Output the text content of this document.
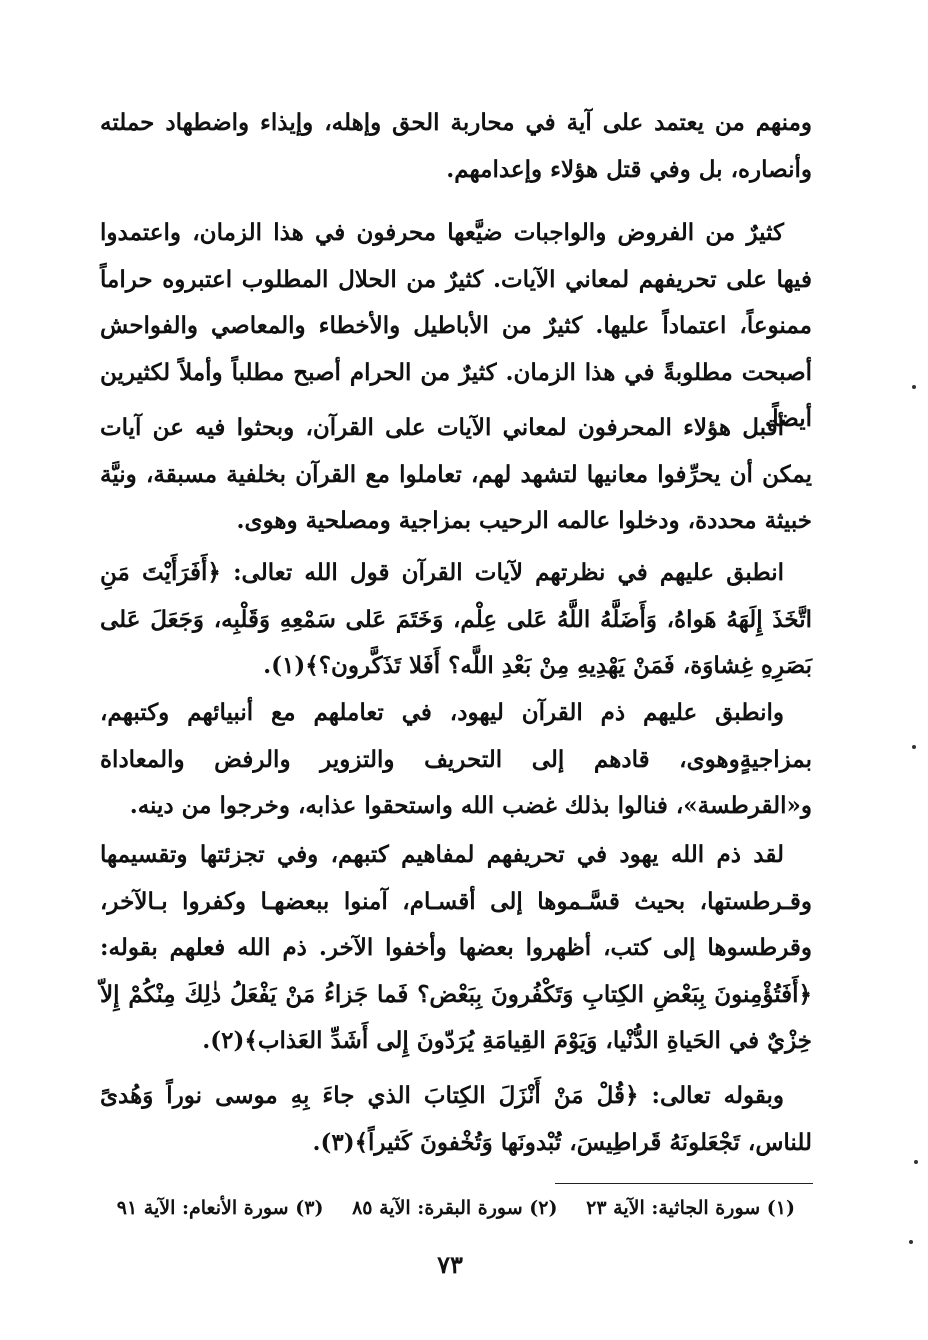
ومنهم من يعتمد على آية في محاربة الحق وإهله، وإيذاء واضطهاد حملته وأنصاره، بل وفي قتل هؤلاء وإعدامهم.

كثيرٌ من الفروض والواجبات ضيَّعها محرفون في هذا الزمان، واعتمدوا فيها على تحريفهم لمعاني الآيات. كثيرٌ من الحلال المطلوب اعتبروه حراماً ممنوعاً، اعتماداً عليها. كثيرٌ من الأباطيل والأخطاء والمعاصي والفواحش أصبحت مطلوبةً في هذا الزمان. كثيرٌ من الحرام أصبح مطلباً وأملاً لكثيرين أيضاً.

أقبل هؤلاء المحرفون لمعاني الآيات على القرآن، وبحثوا فيه عن آيات يمكن أن يحرِّفوا معانيها لتشهد لهم، تعاملوا مع القرآن بخلفية مسبقة، ونيَّة خبيثة محددة، ودخلوا عالمه الرحيب بمزاجية ومصلحية وهوى.

انطبق عليهم في نظرتهم لآيات القرآن قول الله تعالى: ﴿أَفَرَأَيْتَ مَنِ اتَّخَذَ إِلَهَهُ هَواهُ، وَأَضَلَّهُ اللَّهُ عَلى عِلْم، وَخَتَمَ عَلى سَمْعِهِ وَقَلْبِه، وَجَعَلَ عَلى بَصَرِهِ غِشاوَة، فَمَنْ يَهْدِيهِ مِنْ بَعْدِ اللَّه؟ أَفَلا تَذَكَّرون؟﴾(١).

وانطبق عليهم ذم القرآن ليهود، في تعاملهم مع أنبيائهم وكتبهم، بمزاجيةٍوهوى، قادهم إلى التحريف والتزوير والرفض والمعاداة و«القرطسة»، فنالوا بذلك غضب الله واستحقوا عذابه، وخرجوا من دينه.

لقد ذم الله يهود في تحريفهم لمفاهيم كتبهم، وفي تجزئتها وتقسيمها وقـرطستها، بحيث قسَّـموها إلى أقسـام، آمنوا ببعضهـا وكفروا بـالآخر، وقرطسوها إلى كتب، أظهروا بعضها وأخفوا الآخر. ذم الله فعلهم بقوله: ﴿أَفَتُؤْمِنونَ بِبَعْضِ الكِتابِ وَتَكْفُرونَ بِبَعْض؟ فَما جَزاءُ مَنْ يَفْعَلُ ذٰلِكَ مِنْكُمْ إِلاّ خِزْيٌ في الحَياةِ الدُّنْيا، وَيَوْمَ القِيامَةِ يُرَدّونَ إِلى أَشَدِّ العَذاب﴾(٢).

وبقوله تعالى: ﴿قُلْ مَنْ أَنْزَلَ الكِتابَ الذي جاءَ بِهِ موسى نوراً وَهُدىً للناس، تَجْعَلونَهُ قَراطِيسَ، تُبْدونَها وَتُخْفونَ كَثيراً﴾(٣).

(١) سورة الجاثية: الآية ٢٣ (٢) سورة البقرة: الآية ٨٥ (٣) سورة الأنعام: الآية ٩١
٧٣
